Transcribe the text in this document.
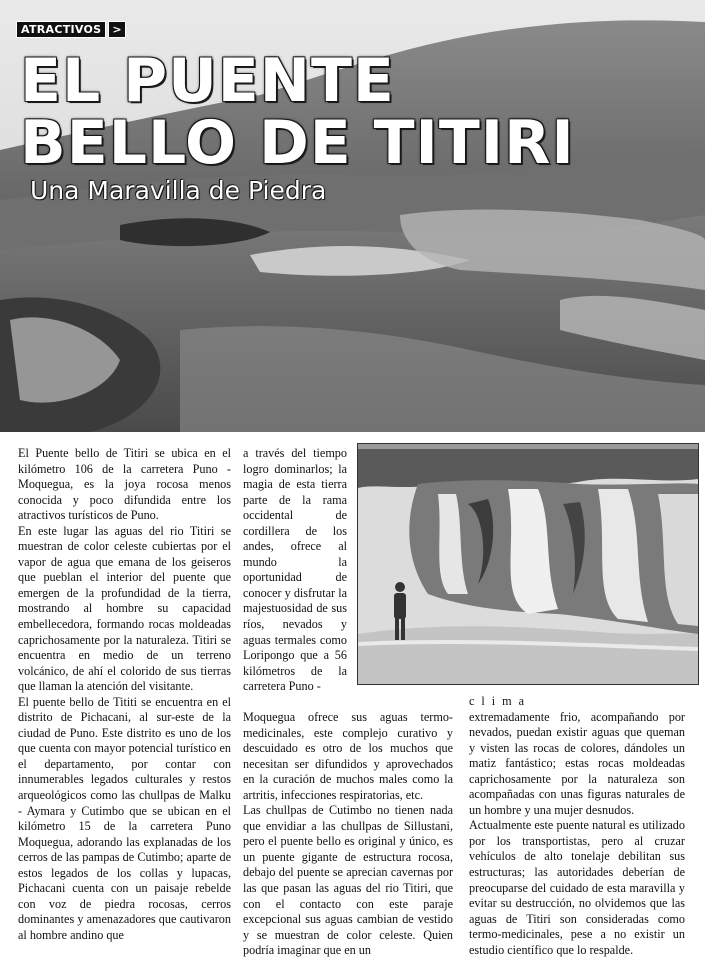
ATRACTIVOS	>
EL PUENTE
BELLO DE TITIRI
Una Maravilla de Piedra

El Puente bello de Titiri se ubica en el kilómetro 106 de la carretera Puno - Moquegua, es la joya rocosa menos conocida y poco difundida entre los atractivos turísticos de Puno.

En este lugar las aguas del rio Titiri se muestran de color celeste cubiertas por el vapor de agua que emana de los geiseros que pueblan el interior del puente que emergen de la profundidad de la tierra, mostrando al hombre su capacidad embellecedora, formando rocas moldeadas caprichosamente por la naturaleza. Titiri se encuentra en medio de un terreno volcánico, de ahí el colorido de sus tierras que llaman la atención del visitante.

El puente bello de Tititi se encuentra en el distrito de Pichacani, al sur-este de la ciudad de Puno. Este distrito es uno de los que cuenta con mayor potencial turístico en el departamento, por contar con innumerables legados culturales y restos arqueológicos como las chullpas de Malku - Aymara y Cutimbo que se ubican en el kilómetro 15 de la carretera Puno Moquegua, adorando las explanadas de los cerros de las pampas de Cutimbo; aparte de estos legados de los collas y lupacas, Pichacani cuenta con un paisaje rebelde con voz de piedra rocosas, cerros dominantes y amenazadores que cautivaron al hombre andino que

a través del tiempo logro dominarlos; la magia de esta tierra parte de la rama occidental de cordillera de los andes, ofrece al mundo la oportunidad de conocer y disfrutar la majestuosidad de sus ríos, nevados y aguas termales como Loripongo que a 56 kilómetros de la carretera Puno -

Moquegua ofrece sus aguas termo-medicinales, este complejo curativo y descuidado es otro de los muchos que necesitan ser difundidos y aprovechados en la curación de muchos males como la artritis, infecciones respiratorias, etc.

Las chullpas de Cutimbo no tienen nada que envidiar a las chullpas de Sillustani, pero el puente bello es original y único, es un puente gigante de estructura rocosa, debajo del puente se aprecian cavernas por las que pasan las aguas del rio Titiri, que con el contacto con este paraje excepcional sus aguas cambian de vestido y se muestran de color celeste. Quien podría imaginar que en un

clima

extremadamente frio, acompañando por nevados, puedan existir aguas que queman y visten las rocas de colores, dándoles un matiz fantástico; estas rocas moldeadas caprichosamente por la naturaleza son acompañadas con unas figuras naturales de un hombre y una mujer desnudos.

Actualmente este puente natural es utilizado por los transportistas, pero al cruzar vehículos de alto tonelaje debilitan sus estructuras; las autoridades deberían de preocuparse del cuidado de esta maravilla y evitar su destrucción, no olvidemos que las aguas de Titiri son consideradas como termo-medicinales, pese a no existir un estudio científico que lo respalde.
